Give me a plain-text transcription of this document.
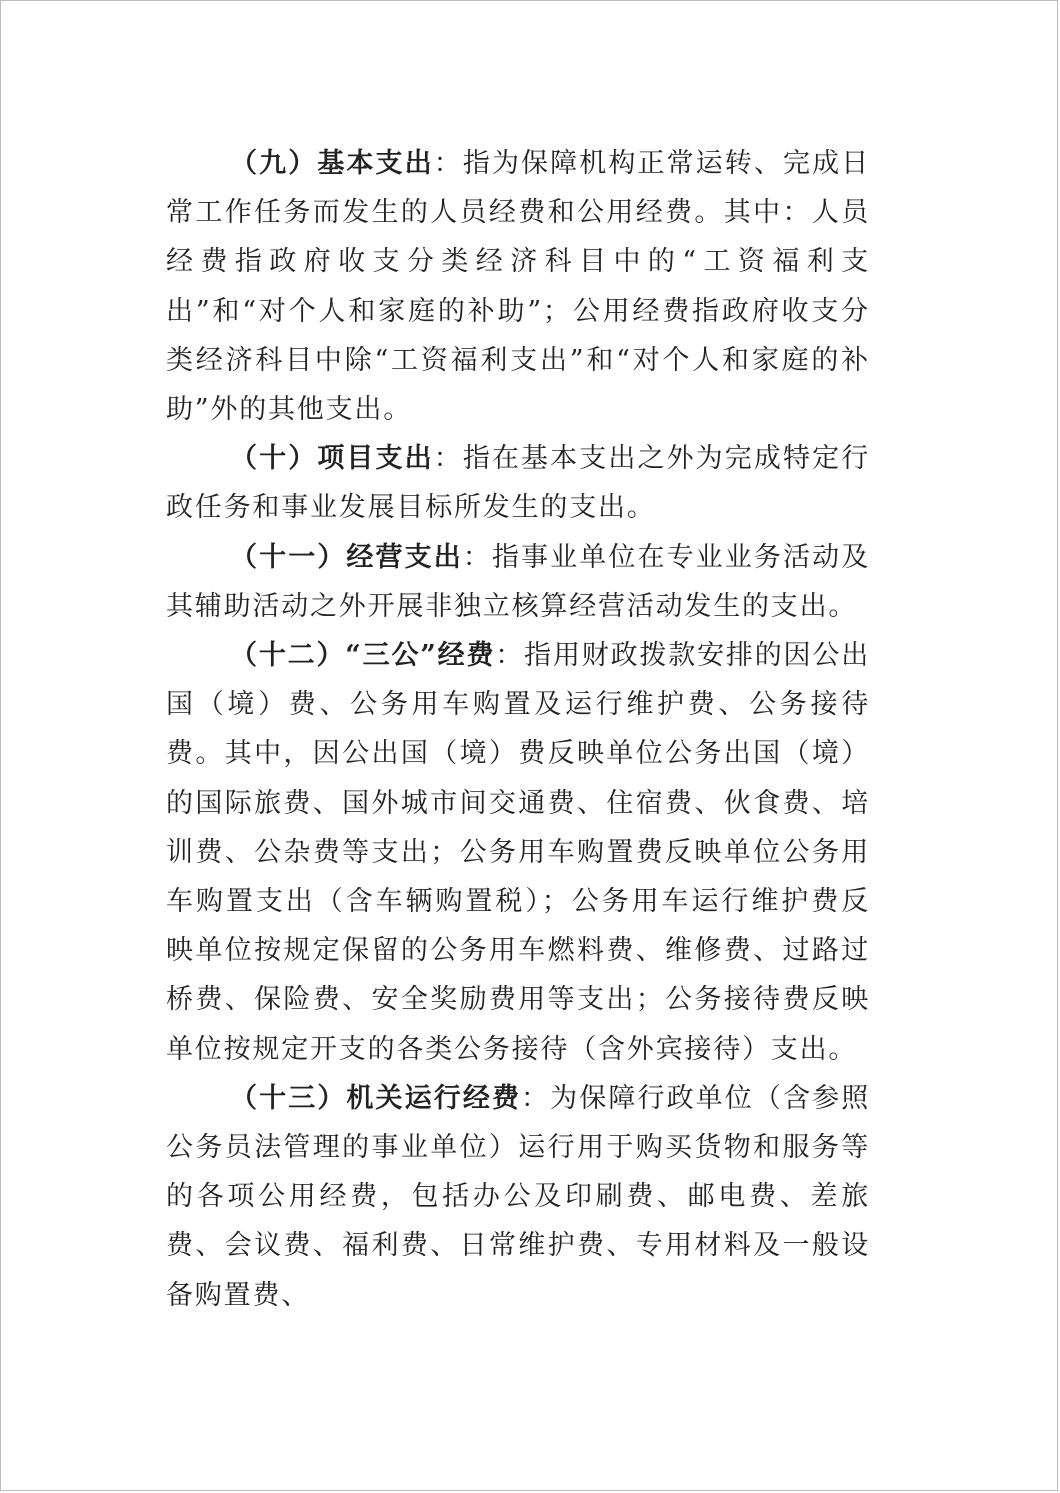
（九）基本支出：指为保障机构正常运转、完成日常工作任务而发生的人员经费和公用经费。其中：人员经费指政府收支分类经济科目中的“工资福利支出”和“对个人和家庭的补助”；公用经费指政府收支分类经济科目中除“工资福利支出”和“对个人和家庭的补助”外的其他支出。

（十）项目支出：指在基本支出之外为完成特定行政任务和事业发展目标所发生的支出。

（十一）经营支出：指事业单位在专业业务活动及其辅助活动之外开展非独立核算经营活动发生的支出。

（十二）“三公”经费：指用财政拨款安排的因公出国（境）费、公务用车购置及运行维护费、公务接待费。其中，因公出国（境）费反映单位公务出国（境）的国际旅费、国外城市间交通费、住宿费、伙食费、培训费、公杂费等支出；公务用车购置费反映单位公务用车购置支出（含车辆购置税）；公务用车运行维护费反映单位按规定保留的公务用车燃料费、维修费、过路过桥费、保险费、安全奖励费用等支出；公务接待费反映单位按规定开支的各类公务接待（含外宾接待）支出。

（十三）机关运行经费：为保障行政单位（含参照公务员法管理的事业单位）运行用于购买货物和服务等的各项公用经费，包括办公及印刷费、邮电费、差旅费、会议费、福利费、日常维护费、专用材料及一般设备购置费、
